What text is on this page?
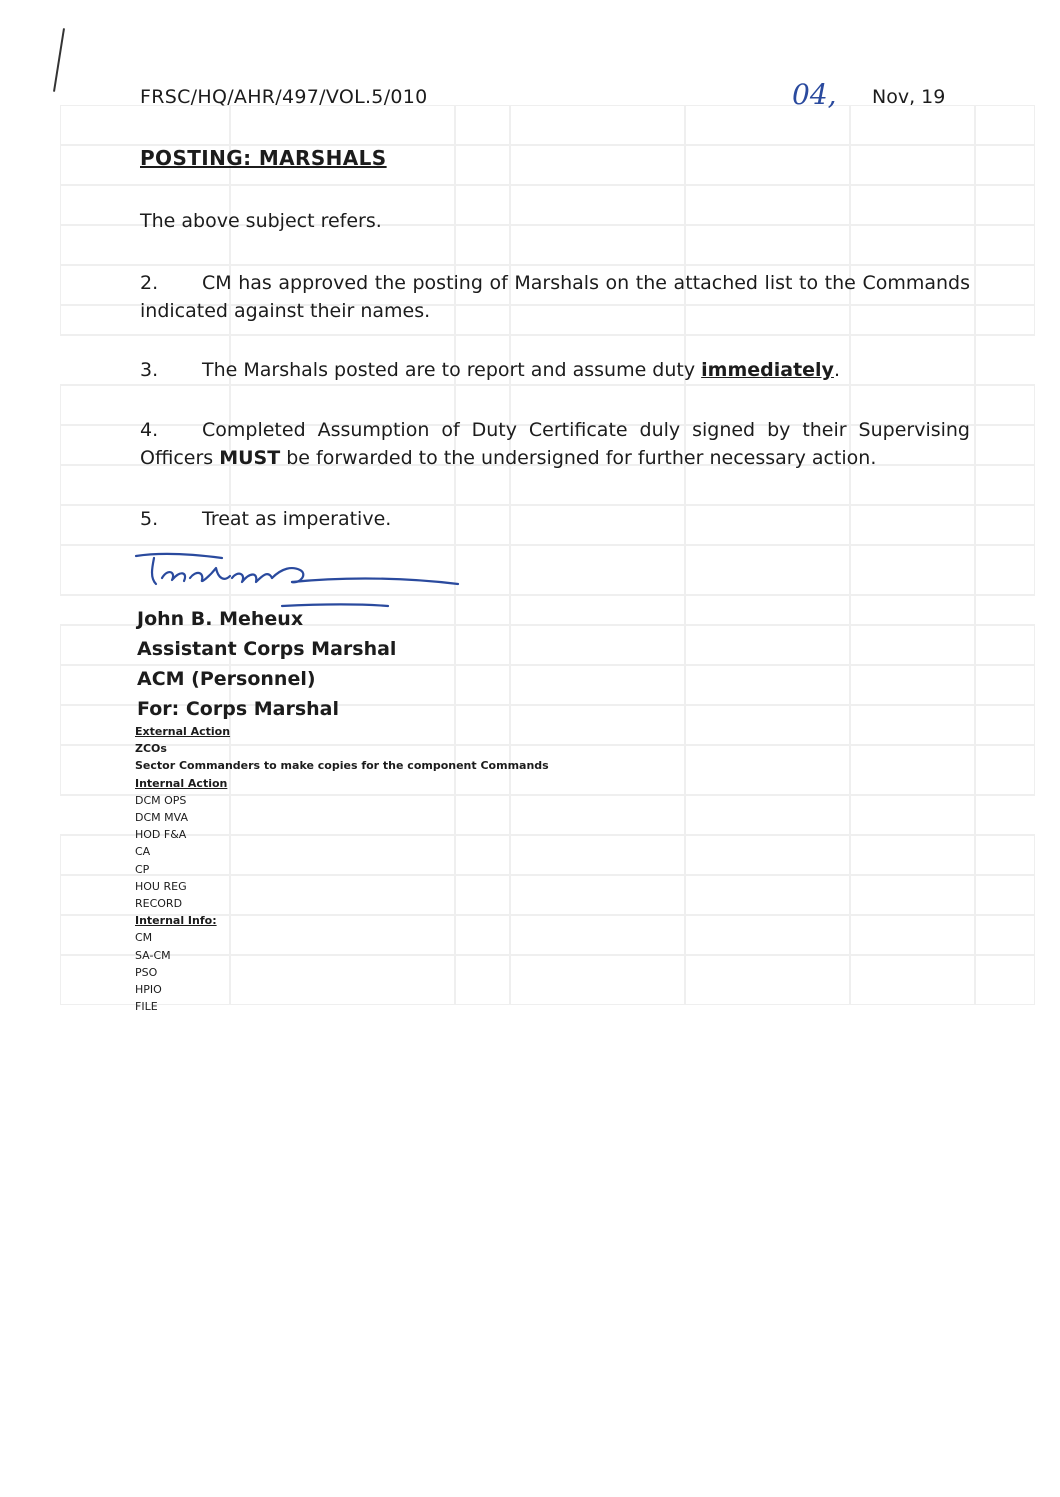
FRSC/HQ/AHR/497/VOL.5/010	04, Nov, 19
POSTING: MARSHALS
The above subject refers.
2. CM has approved the posting of Marshals on the attached list to the Commands indicated against their names.
3. The Marshals posted are to report and assume duty immediately.
4. Completed Assumption of Duty Certificate duly signed by their Supervising Officers MUST be forwarded to the undersigned for further necessary action.
5. Treat as imperative.
John B. Meheux
Assistant Corps Marshal
ACM (Personnel)
For: Corps Marshal
External Action
ZCOs
Sector Commanders to make copies for the component Commands
Internal Action
DCM OPS
DCM MVA
HOD F&A
CA
CP
HOU REG
RECORD
Internal Info:
CM
SA-CM
PSO
HPIO
FILE
